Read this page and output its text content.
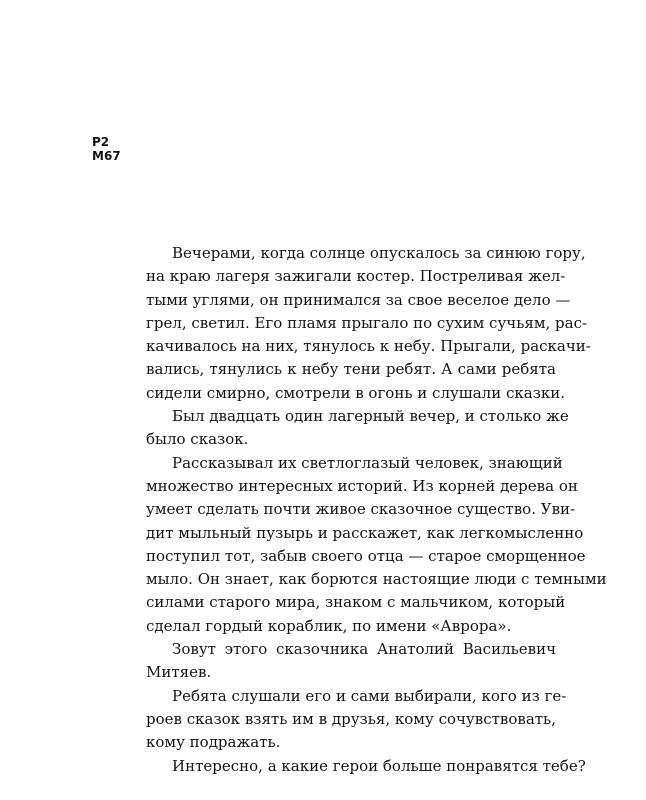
Р2
М67
Вечерами, когда солнце опускалось за синюю гору,
на краю лагеря зажигали костер. Постреливая жел-
тыми углями, он принимался за свое веселое дело —
грел, светил. Его пламя прыгало по сухим сучьям, рас-
качивалось на них, тянулось к небу. Прыгали, раскачи-
вались, тянулись к небу тени ребят. А сами ребята
сидели смирно, смотрели в огонь и слушали сказки.
Был двадцать один лагерный вечер, и столько же
было сказок.
Рассказывал их светлоглазый человек, знающий
множество интересных историй. Из корней дерева он
умеет сделать почти живое сказочное существо. Уви-
дит мыльный пузырь и расскажет, как легкомысленно
поступил тот, забыв своего отца — старое сморщенное
мыло. Он знает, как борются настоящие люди с темными
силами старого мира, знаком с мальчиком, который
сделал гордый кораблик, по имени «Аврора».
Зовут этого сказочника Анатолий Васильевич
Митяев.
Ребята слушали его и сами выбирали, кого из ге-
роев сказок взять им в друзья, кому сочувствовать,
кому подражать.
Интересно, а какие герои больше понравятся тебе?
